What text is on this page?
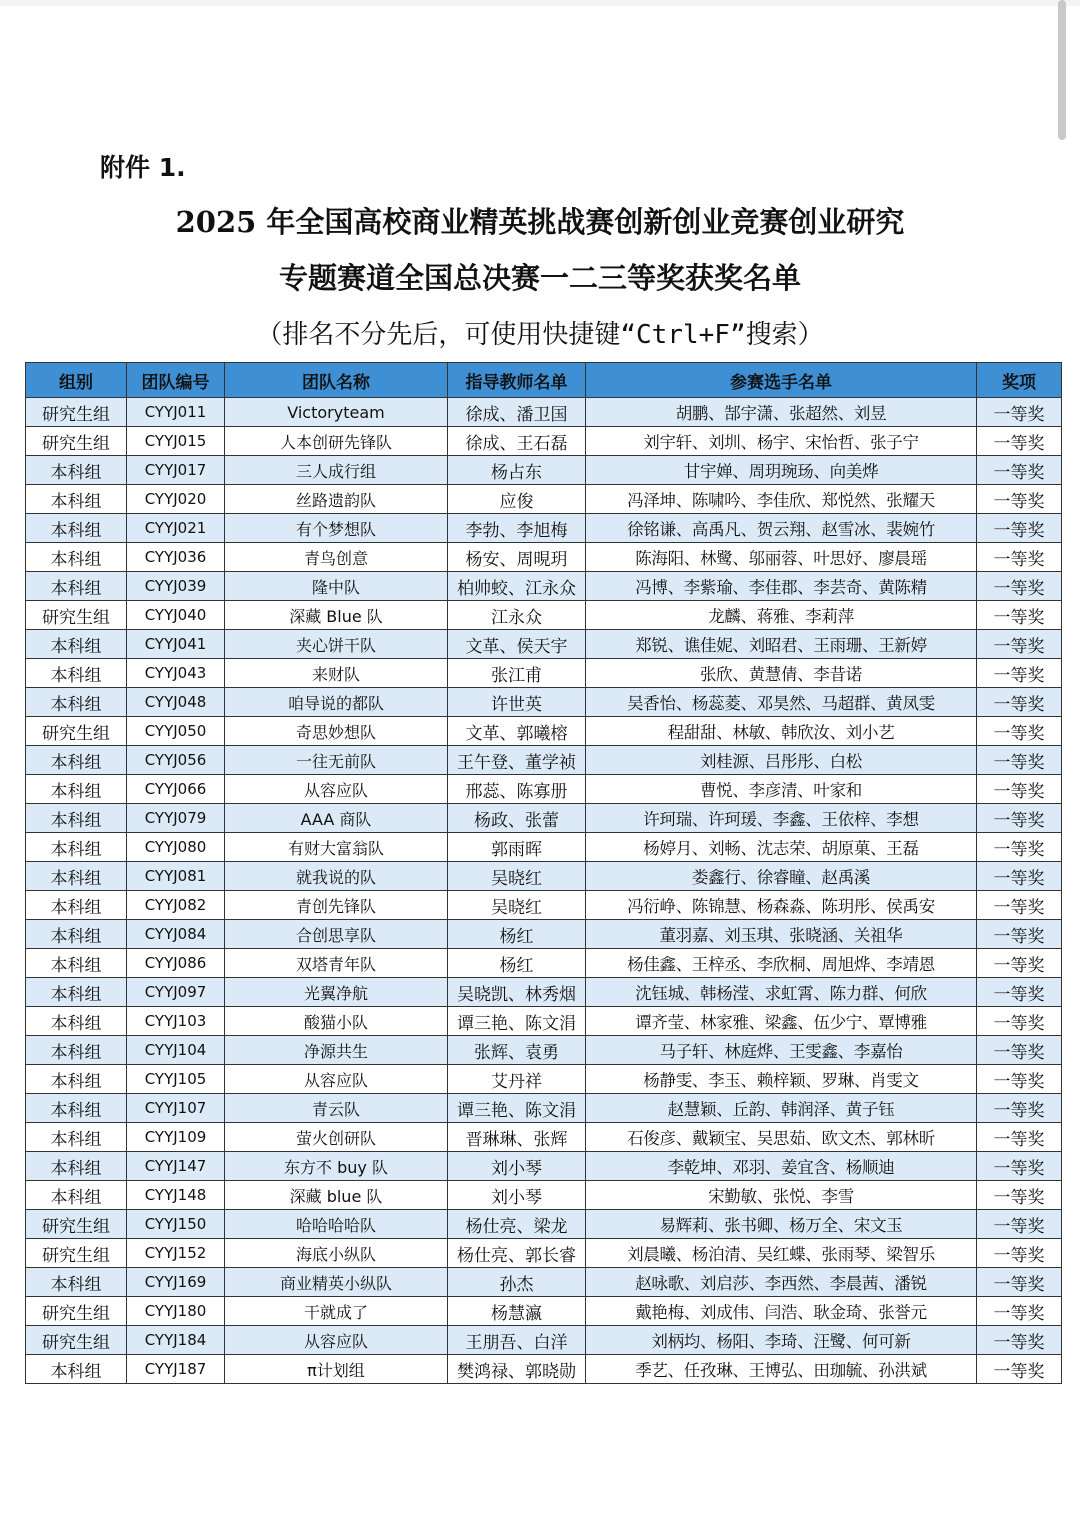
附件 1.
2025 年全国高校商业精英挑战赛创新创业竞赛创业研究
专题赛道全国总决赛一二三等奖获奖名单
（排名不分先后，可使用快捷键“Ctrl+F”搜索）
组别	团队编号	团队名称	指导教师名单	参赛选手名单	奖项
研究生组	CYYJ011	Victoryteam	徐成、潘卫国	胡鹏、郜宇潇、张超然、刘昱	一等奖
研究生组	CYYJ015	人本创研先锋队	徐成、王石磊	刘宇轩、刘圳、杨宇、宋怡哲、张子宁	一等奖
本科组	CYYJ017	三人成行组	杨占东	甘宇婵、周玥琬玚、向美烨	一等奖
本科组	CYYJ020	丝路遗韵队	应俊	冯泽坤、陈啸吟、李佳欣、郑悦然、张耀天	一等奖
本科组	CYYJ021	有个梦想队	李勃、李旭梅	徐铭谦、高禹凡、贺云翔、赵雪冰、裴婉竹	一等奖
本科组	CYYJ036	青鸟创意	杨安、周晛玥	陈海阳、林鹭、邬丽蓉、叶思妤、廖晨瑶	一等奖
本科组	CYYJ039	隆中队	柏帅蛟、江永众	冯博、李紫瑜、李佳郡、李芸奇、黄陈精	一等奖
研究生组	CYYJ040	深藏 Blue 队	江永众	龙麟、蒋雅、李莉萍	一等奖
本科组	CYYJ041	夹心饼干队	文革、侯天宇	郑锐、谯佳妮、刘昭君、王雨珊、王新婷	一等奖
本科组	CYYJ043	来财队	张江甫	张欣、黄慧倩、李昔诺	一等奖
本科组	CYYJ048	咱导说的都队	许世英	吴香怡、杨蕊菱、邓昊然、马超群、黄凤雯	一等奖
研究生组	CYYJ050	奇思妙想队	文革、郭曦榕	程甜甜、林敏、韩欣汝、刘小艺	一等奖
本科组	CYYJ056	一往无前队	王午登、董学祯	刘桂源、吕彤彤、白松	一等奖
本科组	CYYJ066	从容应队	邢蕊、陈寡册	曹悦、李彦清、叶家和	一等奖
本科组	CYYJ079	AAA 商队	杨政、张蕾	许珂瑞、许珂瑗、李鑫、王依梓、李想	一等奖
本科组	CYYJ080	有财大富翁队	郭雨晖	杨婷月、刘畅、沈志荣、胡原菓、王磊	一等奖
本科组	CYYJ081	就我说的队	吴晓红	娄鑫行、徐睿瞳、赵禹溪	一等奖
本科组	CYYJ082	青创先锋队	吴晓红	冯衍峥、陈锦慧、杨森淼、陈玥彤、侯禹安	一等奖
本科组	CYYJ084	合创思享队	杨红	董羽嘉、刘玉琪、张晓涵、关祖华	一等奖
本科组	CYYJ086	双塔青年队	杨红	杨佳鑫、王梓丞、李欣桐、周旭烨、李靖恩	一等奖
本科组	CYYJ097	光翼净航	吴晓凯、林秀烟	沈钰城、韩杨滢、求虹霄、陈力群、何欣	一等奖
本科组	CYYJ103	酸猫小队	谭三艳、陈文涓	谭齐莹、林家雅、梁鑫、伍少宁、覃博雅	一等奖
本科组	CYYJ104	净源共生	张辉、袁勇	马子轩、林庭烨、王雯鑫、李嘉怡	一等奖
本科组	CYYJ105	从容应队	艾丹祥	杨静雯、李玉、赖梓颖、罗琳、肖雯文	一等奖
本科组	CYYJ107	青云队	谭三艳、陈文涓	赵慧颖、丘韵、韩润泽、黄子钰	一等奖
本科组	CYYJ109	萤火创研队	晋琳琳、张辉	石俊彦、戴颖宝、吴思茹、欧文杰、郭林昕	一等奖
本科组	CYYJ147	东方不 buy 队	刘小琴	李乾坤、邓羽、姜宜含、杨顺迪	一等奖
本科组	CYYJ148	深藏 blue 队	刘小琴	宋勤敏、张悦、李雪	一等奖
研究生组	CYYJ150	哈哈哈哈队	杨仕亮、梁龙	易辉莉、张书卿、杨万全、宋文玉	一等奖
研究生组	CYYJ152	海底小纵队	杨仕亮、郭长睿	刘晨曦、杨泊清、吴红蝶、张雨琴、梁智乐	一等奖
本科组	CYYJ169	商业精英小纵队	孙杰	赵咏歌、刘启莎、李西然、李晨茜、潘锐	一等奖
研究生组	CYYJ180	干就成了	杨慧瀛	戴艳梅、刘成伟、闫浩、耿金琦、张誉元	一等奖
研究生组	CYYJ184	从容应队	王朋吾、白洋	刘柄均、杨阳、李琦、汪鹭、何可新	一等奖
本科组	CYYJ187	π计划组	樊鸿禄、郭晓勋	季艺、任孜琳、王博弘、田珈毓、孙洪斌	一等奖
